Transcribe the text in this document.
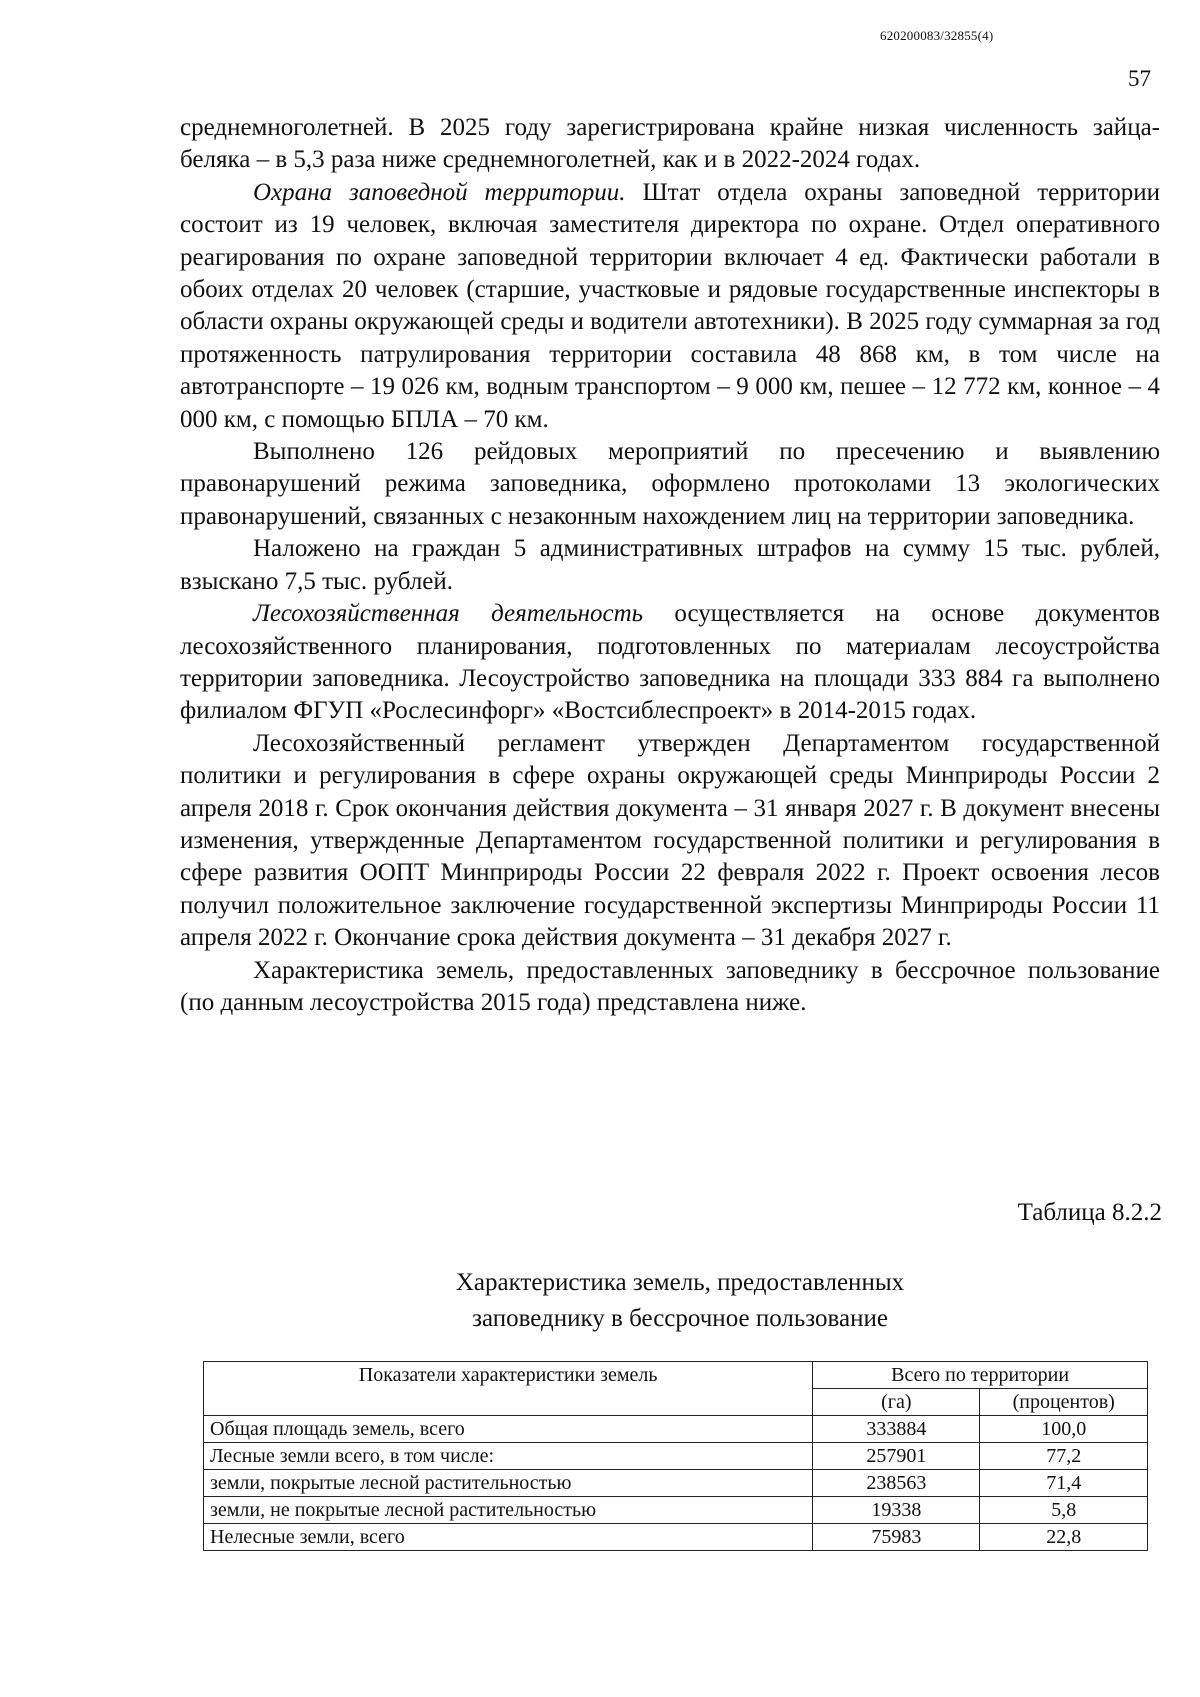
620200083/32855(4)
57

среднемноголетней. В 2025 году зарегистрирована крайне низкая численность зайца-беляка – в 5,3 раза ниже среднемноголетней, как и в 2022-2024 годах.

Охрана заповедной территории. Штат отдела охраны заповедной территории состоит из 19 человек, включая заместителя директора по охране. Отдел оперативного реагирования по охране заповедной территории включает 4 ед. Фактически работали в обоих отделах 20 человек (старшие, участковые и рядовые государственные инспекторы в области охраны окружающей среды и водители автотехники). В 2025 году суммарная за год протяженность патрулирования территории составила 48 868 км, в том числе на автотранспорте – 19 026 км, водным транспортом – 9 000 км, пешее – 12 772 км, конное – 4 000 км, с помощью БПЛА – 70 км.

Выполнено 126 рейдовых мероприятий по пресечению и выявлению правонарушений режима заповедника, оформлено протоколами 13 экологических правонарушений, связанных с незаконным нахождением лиц на территории заповедника.

Наложено на граждан 5 административных штрафов на сумму 15 тыс. рублей, взыскано 7,5 тыс. рублей.

Лесохозяйственная деятельность осуществляется на основе документов лесохозяйственного планирования, подготовленных по материалам лесоустройства территории заповедника. Лесоустройство заповедника на площади 333 884 га выполнено филиалом ФГУП «Рослесинфорг» «Востсиблеспроект» в 2014-2015 годах.

Лесохозяйственный регламент утвержден Департаментом государственной политики и регулирования в сфере охраны окружающей среды Минприроды России 2 апреля 2018 г. Срок окончания действия документа – 31 января 2027 г. В документ внесены изменения, утвержденные Департаментом государственной политики и регулирования в сфере развития ООПТ Минприроды России 22 февраля 2022 г. Проект освоения лесов получил положительное заключение государственной экспертизы Минприроды России 11 апреля 2022 г. Окончание срока действия документа – 31 декабря 2027 г.

Характеристика земель, предоставленных заповеднику в бессрочное пользование (по данным лесоустройства 2015 года) представлена ниже.

Таблица 8.2.2
Характеристика земель, предоставленных
заповеднику в бессрочное пользование
Показатели характеристики земель	Всего по территории	
	(га)	(процентов)
Общая площадь земель, всего	333884	100,0
Лесные земли всего, в том числе:	257901	77,2
земли, покрытые лесной растительностью	238563	71,4
земли, не покрытые лесной растительностью	19338	5,8
Нелесные земли, всего	75983	22,8
